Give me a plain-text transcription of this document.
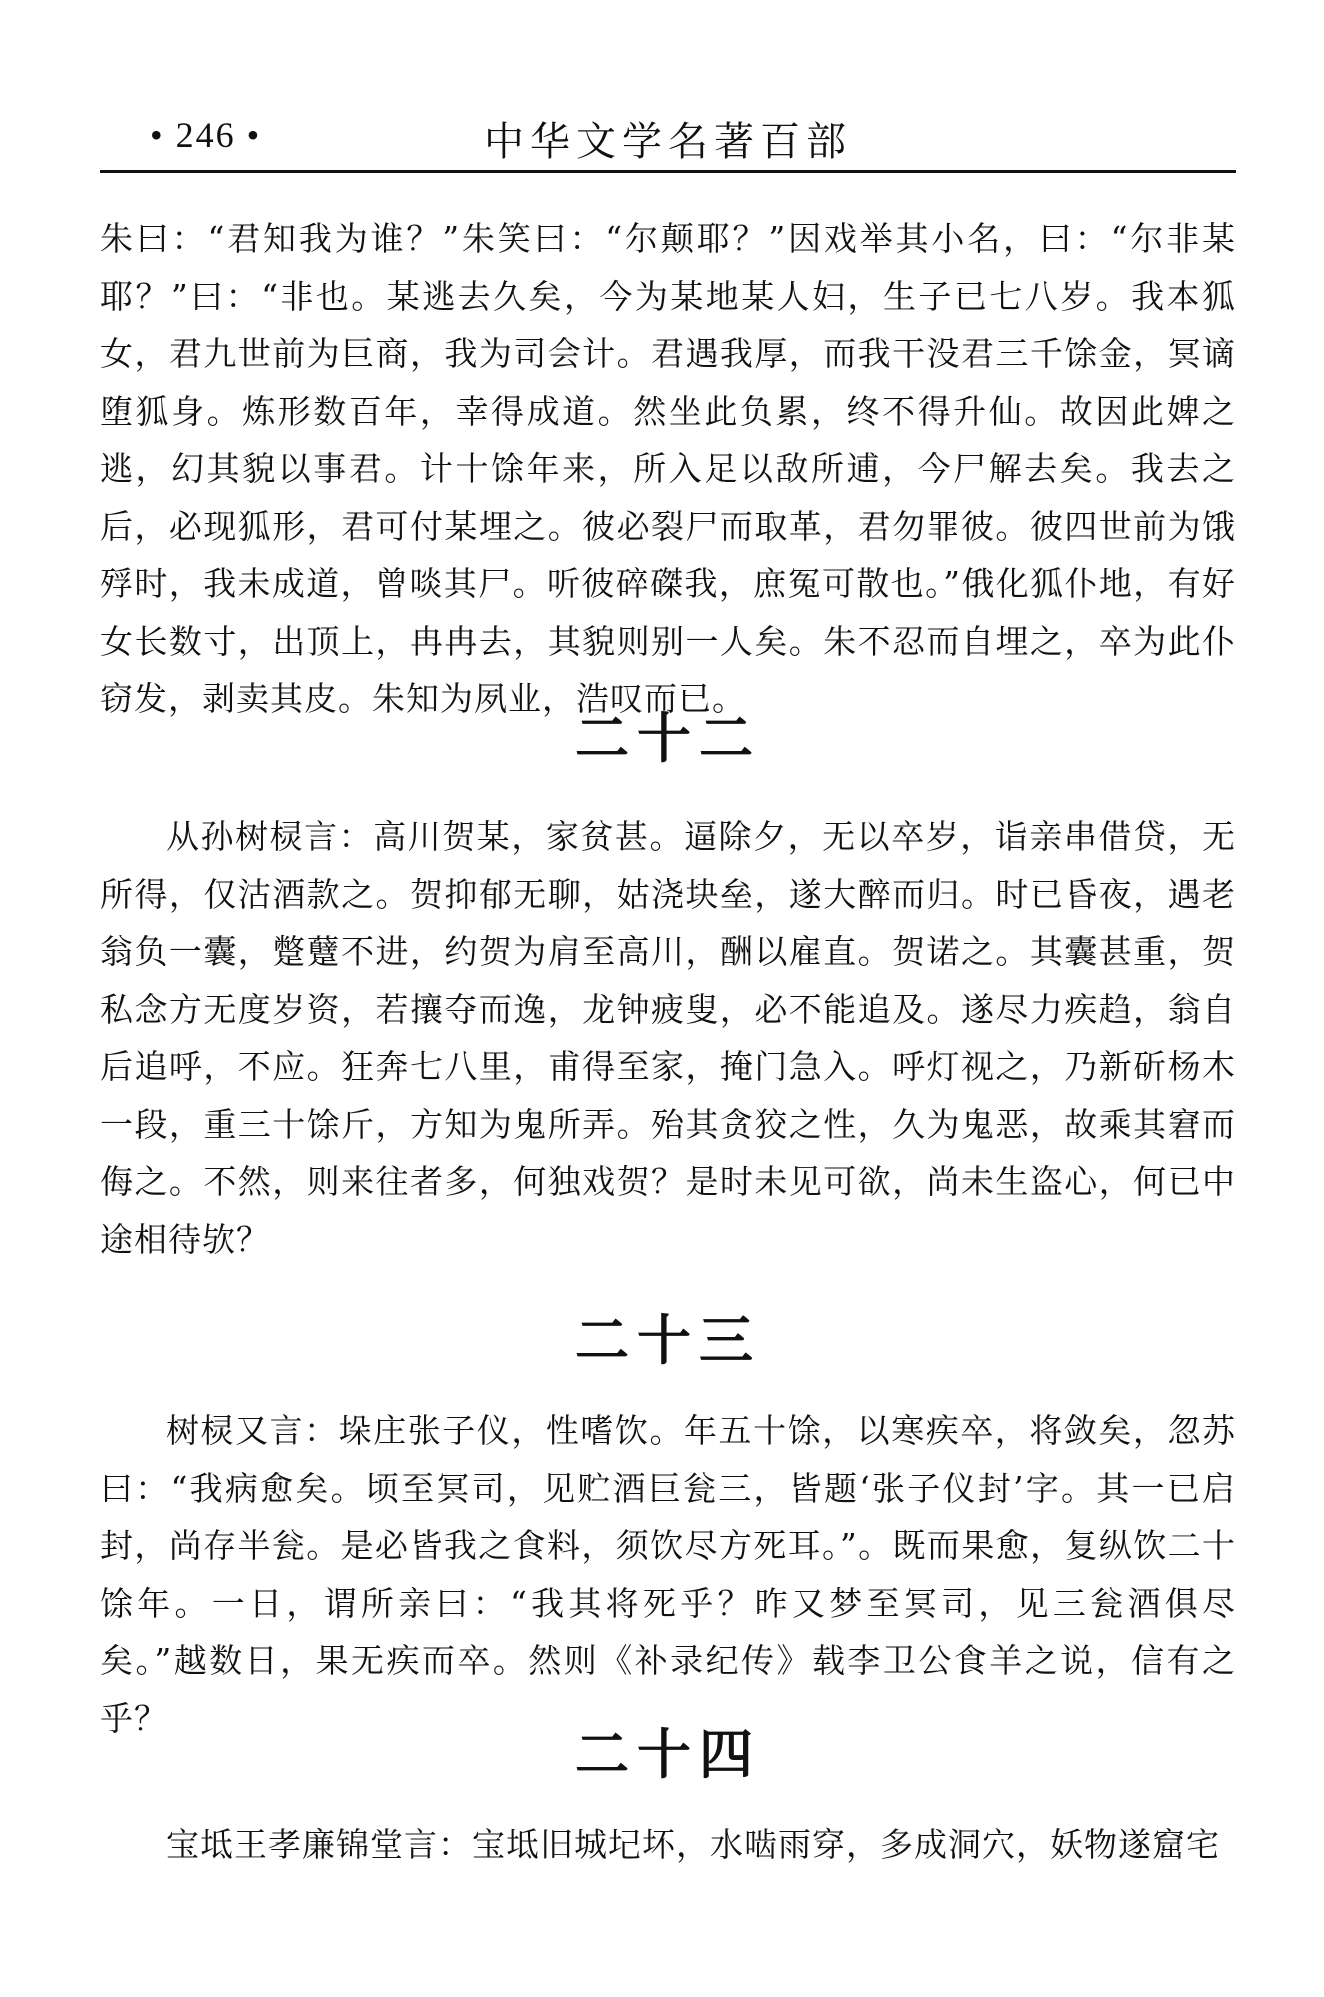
• 246 •	中华文学名著百部

朱曰：“君知我为谁？”朱笑曰：“尔颠耶？”因戏举其小名，曰：“尔非某耶？”曰：“非也。某逃去久矣，今为某地某人妇，生子已七八岁。我本狐女，君九世前为巨商，我为司会计。君遇我厚，而我干没君三千馀金，冥谪堕狐身。炼形数百年，幸得成道。然坐此负累，终不得升仙。故因此婢之逃，幻其貌以事君。计十馀年来，所入足以敌所逋，今尸解去矣。我去之后，必现狐形，君可付某埋之。彼必裂尸而取革，君勿罪彼。彼四世前为饿殍时，我未成道，曾啖其尸。听彼碎磔我，庶冤可散也。”俄化狐仆地，有好女长数寸，出顶上，冉冉去，其貌则别一人矣。朱不忍而自埋之，卒为此仆窃发，剥卖其皮。朱知为夙业，浩叹而已。

二十二

从孙树棂言：高川贺某，家贫甚。逼除夕，无以卒岁，诣亲串借贷，无所得，仅沽酒款之。贺抑郁无聊，姑浇块垒，遂大醉而归。时已昏夜，遇老翁负一囊，蹩躠不进，约贺为肩至高川，酬以雇直。贺诺之。其囊甚重，贺私念方无度岁资，若攘夺而逸，龙钟疲叟，必不能追及。遂尽力疾趋，翁自后追呼，不应。狂奔七八里，甫得至家，掩门急入。呼灯视之，乃新斫杨木一段，重三十馀斤，方知为鬼所弄。殆其贪狡之性，久为鬼恶，故乘其窘而侮之。不然，则来往者多，何独戏贺？是时未见可欲，尚未生盗心，何已中途相待欤？

二十三

树棂又言：垛庄张子仪，性嗜饮。年五十馀，以寒疾卒，将敛矣，忽苏曰：“我病愈矣。顷至冥司，见贮酒巨瓮三，皆题‘张子仪封’字。其一已启封，尚存半瓮。是必皆我之食料，须饮尽方死耳。”。既而果愈，复纵饮二十馀年。一日，谓所亲曰：“我其将死乎？昨又梦至冥司，见三瓮酒俱尽矣。”越数日，果无疾而卒。然则《补录纪传》载李卫公食羊之说，信有之乎？

二十四

宝坻王孝廉锦堂言：宝坻旧城圮坏，水啮雨穿，多成洞穴，妖物遂窟宅
